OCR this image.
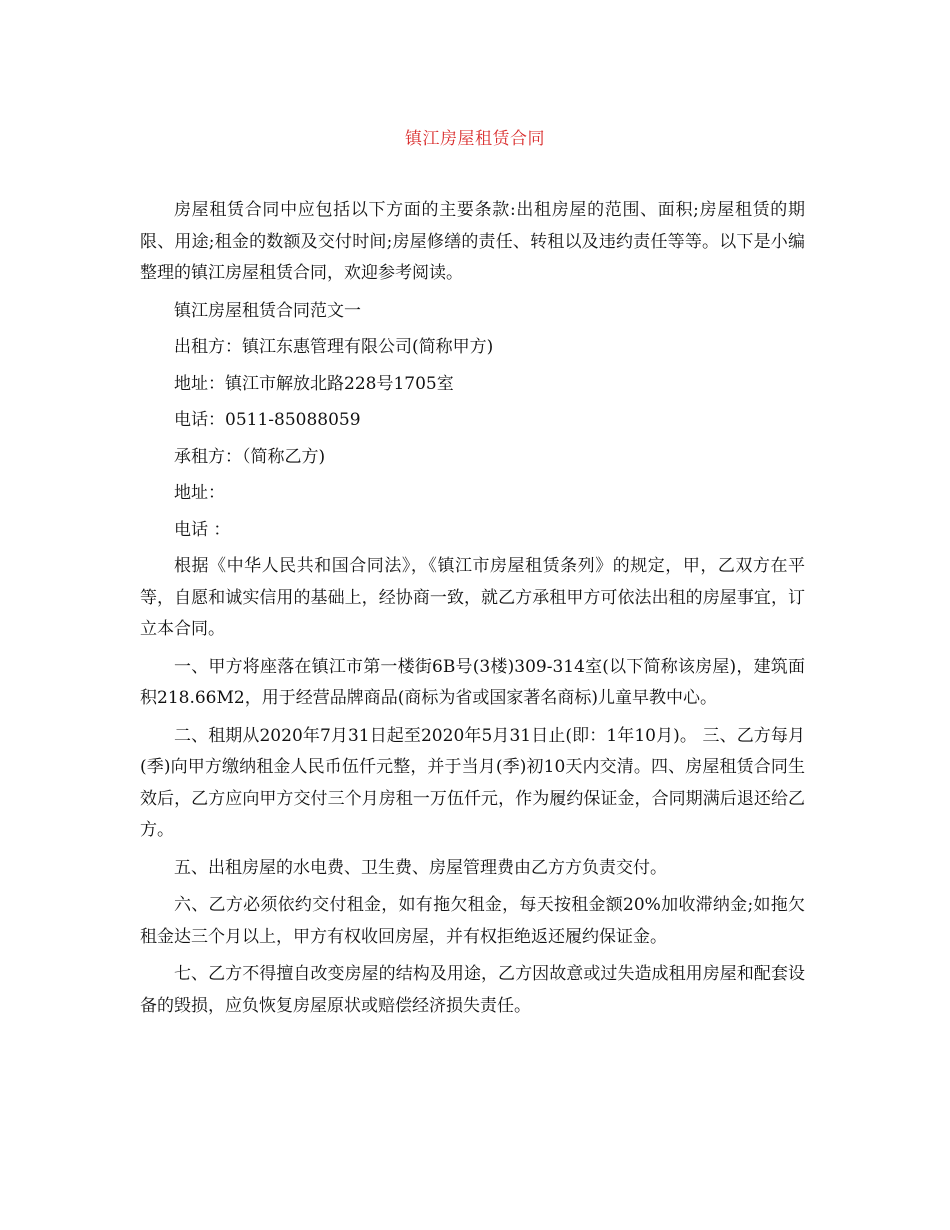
镇江房屋租赁合同

房屋租赁合同中应包括以下方面的主要条款:出租房屋的范围、面积;房屋租赁的期限、用途;租金的数额及交付时间;房屋修缮的责任、转租以及违约责任等等。以下是小编整理的镇江房屋租赁合同，欢迎参考阅读。

镇江房屋租赁合同范文一

出租方：镇江东惠管理有限公司(简称甲方)

地址：镇江市解放北路228号1705室

电话：0511-85088059

承租方：（简称乙方)

地址：

电话 ：

根据《中华人民共和国合同法》，《镇江市房屋租赁条列》的规定，甲，乙双方在平等，自愿和诚实信用的基础上，经协商一致，就乙方承租甲方可依法出租的房屋事宜，订立本合同。

一、甲方将座落在镇江市第一楼街6B号(3楼)309-314室(以下简称该房屋)，建筑面积218.66M2，用于经营品牌商品(商标为省或国家著名商标)儿童早教中心。

二、租期从2020年7月31日起至2020年5月31日止(即：1年10月)。 三、乙方每月(季)向甲方缴纳租金人民币伍仟元整，并于当月(季)初10天内交清。四、房屋租赁合同生效后，乙方应向甲方交付三个月房租一万伍仟元，作为履约保证金，合同期满后退还给乙方。

五、出租房屋的水电费、卫生费、房屋管理费由乙方方负责交付。

六、乙方必须依约交付租金，如有拖欠租金，每天按租金额20%加收滞纳金;如拖欠租金达三个月以上，甲方有权收回房屋，并有权拒绝返还履约保证金。

七、乙方不得擅自改变房屋的结构及用途，乙方因故意或过失造成租用房屋和配套设备的毁损，应负恢复房屋原状或赔偿经济损失责任。
